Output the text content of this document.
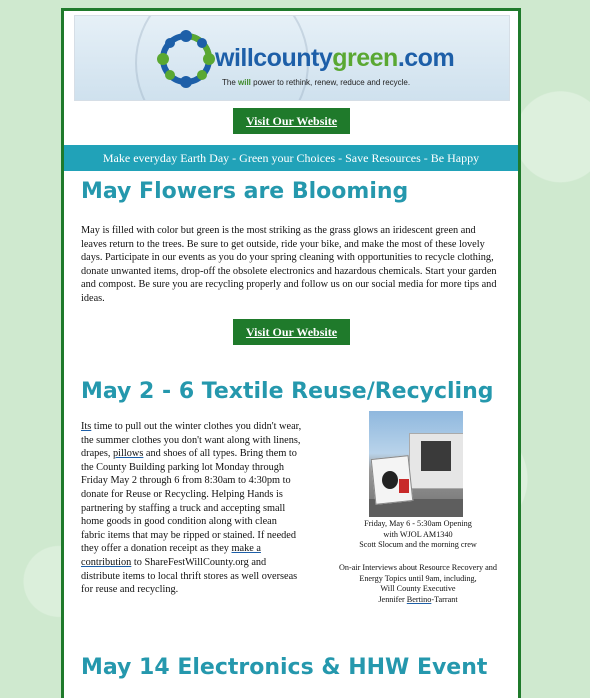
willcountygreen.com
The will power to rethink, renew, reduce and recycle.
Visit Our Website
Make everyday Earth Day - Green your Choices - Save Resources - Be Happy
May Flowers are Blooming

May is filled with color but green is the most striking as the grass glows an iridescent green and leaves return to the trees. Be sure to get outside, ride your bike, and make the most of these lovely days. Participate in our events as you do your spring cleaning with opportunities to recycle clothing, donate unwanted items, drop-off the obsolete electronics and hazardous chemicals. Start your garden and compost. Be sure you are recycling properly and follow us on our social media for more tips and ideas.

Visit Our Website
May 2 - 6 Textile Reuse/Recycling

Its time to pull out the winter clothes you didn't wear, the summer clothes you don't want along with linens, drapes, pillows and shoes of all types. Bring them to the County Building parking lot Monday through Friday May 2 through 6 from 8:30am to 4:30pm to donate for Reuse or Recycling. Helping Hands is partnering by staffing a truck and accepting small home goods in good condition along with clean fabric items that may be ripped or stained. If needed they offer a donation receipt as they make a contribution to ShareFestWillCounty.org and distribute items to local thrift stores as well overseas for reuse and recycling.

Friday, May 6 - 5:30am Opening
with WJOL AM1340
Scott Slocum and the morning crew

On-air Interviews about Resource Recovery and
Energy Topics until 9am, including,
Will County Executive
Jennifer Bertino-Tarrant

May 14 Electronics & HHW Event
